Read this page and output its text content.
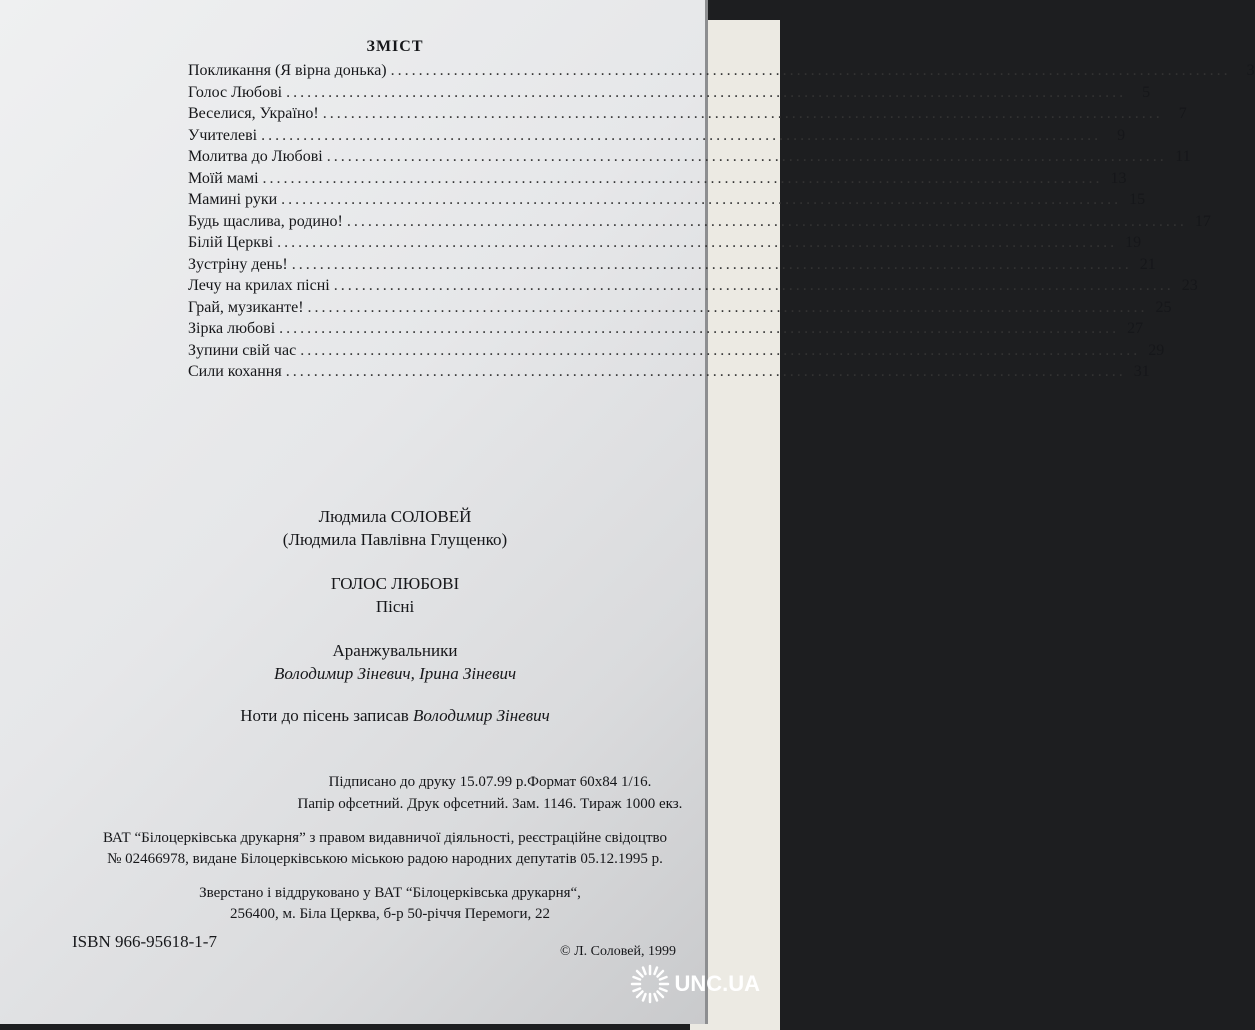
ЗМІСТ
Покликання (Я вірна донька) ........................................................................................................................	3
Голос Любові ........................................................................................................................	5
Веселися, Україно! ........................................................................................................................	7
Учителеві ........................................................................................................................	9
Молитва до Любові ........................................................................................................................ 11
Моїй мамі ........................................................................................................................ 13
Мамині руки ........................................................................................................................ 15
Будь щаслива, родино! ........................................................................................................................ 17
Білій Церкві ........................................................................................................................ 19
Зустріну день! ........................................................................................................................ 21
Лечу на крилах пісні ........................................................................................................................ 23
Грай, музиканте! ........................................................................................................................ 25
Зірка любові ........................................................................................................................ 27
Зупини свій час ........................................................................................................................ 29
Сили кохання ........................................................................................................................ 31
Людмила СОЛОВЕЙ
(Людмила Павлівна Глущенко)
ГОЛОС ЛЮБОВІ
Пісні
Аранжувальники
Володимир Зіневич, Ірина Зіневич
Ноти до пісень записав Володимир Зіневич
Підписано до друку 15.07.99 р.Формат 60х84 1/16.
Папір офсетний. Друк офсетний. Зам. 1146. Тираж 1000 екз.
ВАТ “Білоцерківська друкарня” з правом видавничої діяльності, реєстраційне свідоцтво
№ 02466978, видане Білоцерківською міською радою народних депутатів 05.12.1995 р.
Зверстано і віддруковано у ВАТ “Білоцерківська друкарня“,
256400, м. Біла Церква, б-р 50-річчя Перемоги, 22
ISBN 966-95618-1-7
© Л. Соловей, 1999
UNC.UA
